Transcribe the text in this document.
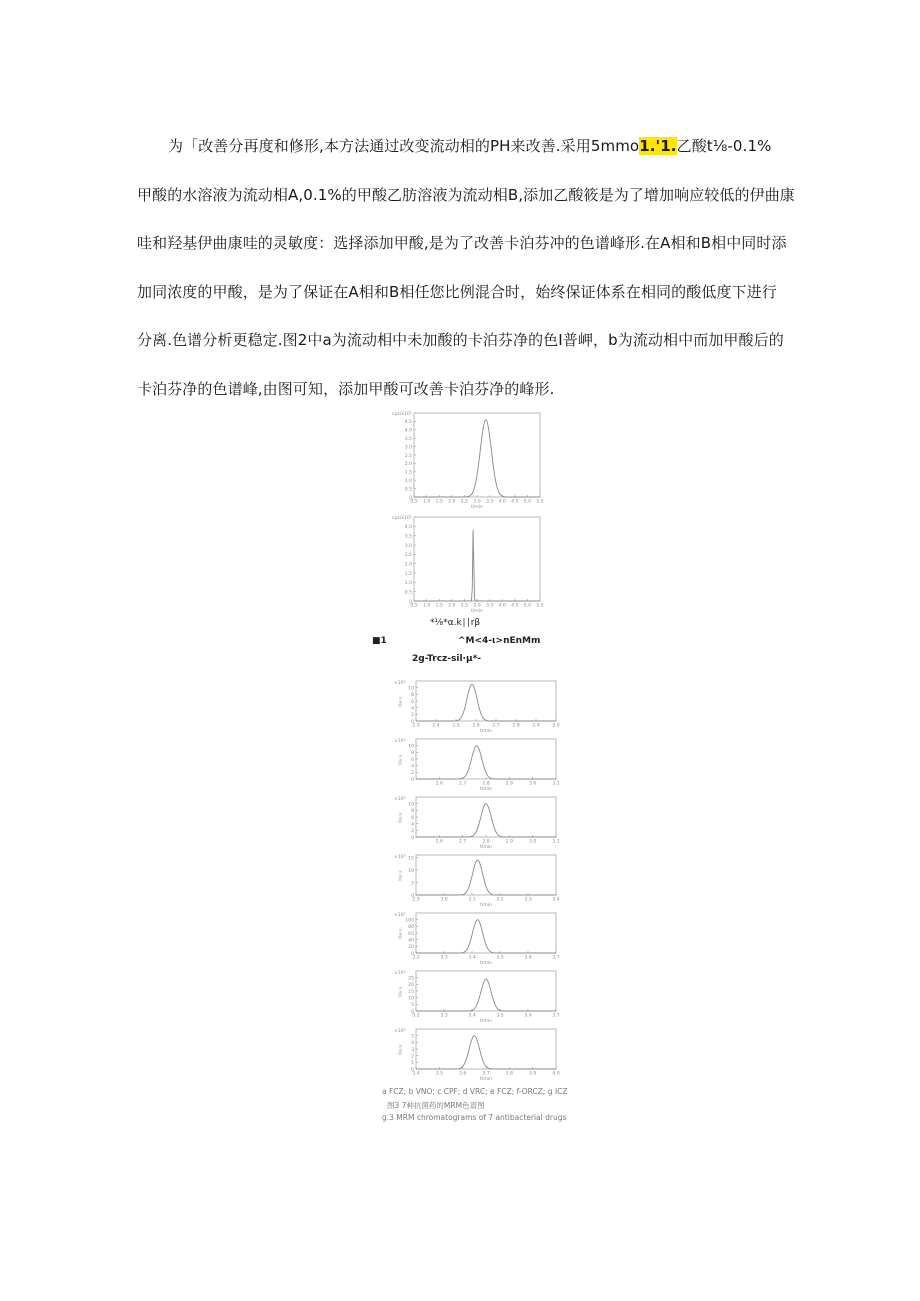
为「改善分再度和修形,本方法通过改变流动相的PH来改善.采用5mmo1.'1.乙酸t⅛-0.1%
甲酸的水溶液为流动相A,0.1%的甲酸乙肪溶液为流动相B,添加乙酸筱是为了增加响应较低的伊曲康
哇和羟基伊曲康哇的灵敏度：选择添加甲酸,是为了改善卡泊芬冲的色谱峰形.在A相和B相中同时添
加同浓度的甲酸，是为了保证在A相和B相任您比例混合时，始终保证体系在相同的酸低度下进行
分离.色谱分析更稳定.图2中a为流动相中未加酸的卡泊芬净的色I普岬，b为流动相中而加甲酸后的
卡泊芬净的色谱峰,由图可知，添加甲酸可改善卡泊芬净的峰形.
0
0.5
1.0
1.5
2.0
2.5
3.0
3.5
4.0
4.5
0.5 1.0 1.5 2.0 2.5 3.0 3.5 4.0 4.5 5.0 5.5
t/min
cps/x10⁵
0
0.5
1.0
1.5
2.0
2.5
3.0
3.5
4.0
0.5 1.0 1.5 2.0 2.5 3.0 3.5 4.0 4.5 5.0 5.5
t/min
cps/x10⁵
*⅛*α.k∣∣rβ
■1	^M<4-ι>nEnMm
2g-Trcz-sil∙μ*-
0
2
4
6
8
10
2.3	2.4	2.5	2.6	2.7	2.8	2.9	3.0
t/min
I/a.u.
×10⁵
0
2
4
6
8
10
2.6	2.7	2.8	2.9	3.0	3.1
t/min
I/a.u.
×10⁵
0
2
4
6
8
10
2.6	2.7	2.8	2.9	3.0	3.1
t/min
I/a.u.
×10⁵
0
5
10
15
2.9	3.0	3.1	3.2	3.3	3.4
t/min
I/a.u.
×10⁵
0
20
40
60
80
100
3.2	3.3	3.4	3.5	3.6	3.7
t/min
I/a.u.
×10⁵
0
5
10
15
20
25
3.2	3.3	3.4	3.5	3.6	3.7
t/min
I/a.u.
×10⁵
0
1
2
3
4
5
3.4	3.5	3.6	3.7	3.8	3.9	4.0
t/min
I/a.u.
×10⁵
a FCZ; b VNO; c CPF; d VRC; e FCZ; f-ORCZ; g ICZ
图3 7种抗菌药的MRM色谱图
g.3 MRM chromatograms of 7 antibacterial drugs
